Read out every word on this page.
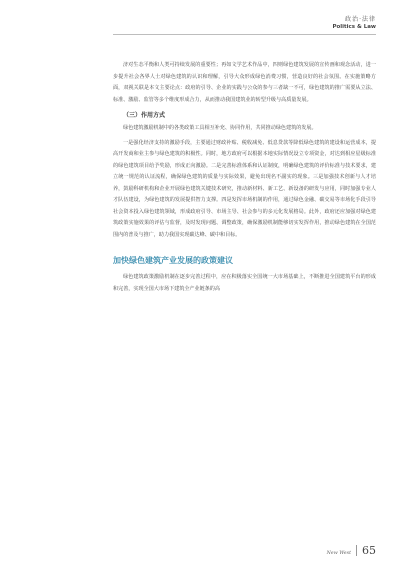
政治·法律
Politics & Law

济对生态平衡和人类可持续发展的重要性；再如文学艺术作品中，四则绿色建筑发展的宣传画和观念活动，进一步提升社会各界人士对绿色建筑的认识和理解，引导大众形成绿色消费习惯，营造良好的社会氛围。在实施策略方面，双视关联是本文主要论点：政府的引导、企业的实践与公众的参与三者缺一不可，绿色建筑的推广需要从立法、标准、激励、监管等多个维度形成合力，从而推动我国建筑业的转型升级与高质量发展。

（三）作用方式

绿色建筑激励机制中的各类政策工具相互补充、协同作用，共同推动绿色建筑的发展。

一是强化经济支持的激励手段，主要通过财政补贴、税收减免、低息贷款等降低绿色建筑的建设和运营成本，提高开发商和业主参与绿色建筑的积极性。同时，地方政府可以根据本地实际情况设立专项资金，对达到相应星级标准的绿色建筑项目给予奖励，形成正向激励。二是完善标准体系和认证制度，明确绿色建筑的评价标准与技术要求，建立统一规范的认证流程，确保绿色建筑的质量与实际效果，避免出现名不副实的现象。三是加强技术创新与人才培养，鼓励科研机构和企业开展绿色建筑关键技术研究，推动新材料、新工艺、新设备的研发与应用，同时加强专业人才队伍建设，为绿色建筑的发展提供智力支撑。四是发挥市场机制的作用，通过绿色金融、碳交易等市场化手段引导社会资本投入绿色建筑领域，形成政府引导、市场主导、社会参与的多元化发展格局。此外，政府还应加强对绿色建筑政策实施效果的评估与监督，及时发现问题、调整政策，确保激励机制能够切实发挥作用，推动绿色建筑在全国范围内的普及与推广，助力我国实现碳达峰、碳中和目标。

加快绿色建筑产业发展的政策建议

绿色建筑政策激励机制在逐步完善过程中，应在积极落实全国统一大市场基础上，不断推进全国建筑平台的形成和完善，实现全国大市场下建筑全产业链条的高

New West 65
